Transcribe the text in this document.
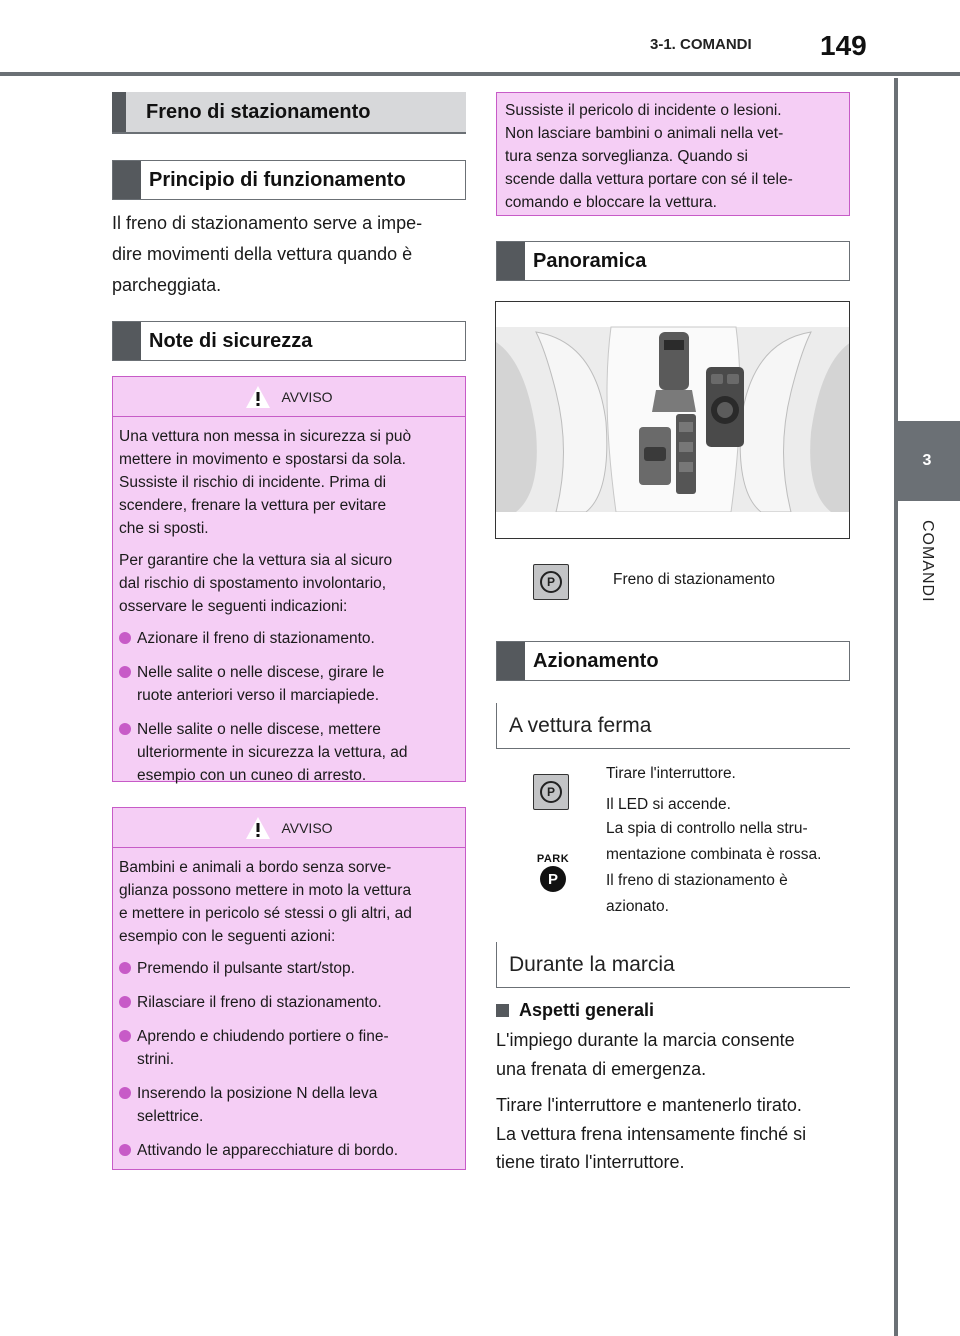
3-1. COMANDI 149
3
COMANDI
Freno di stazionamento
Principio di funzionamento
Il freno di stazionamento serve a impe-
dire movimenti della vettura quando è
parcheggiata.
Note di sicurezza
AVVISO

Una vettura non messa in sicurezza si può
mettere in movimento e spostarsi da sola.
Sussiste il rischio di incidente. Prima di
scendere, frenare la vettura per evitare
che si sposti.

Per garantire che la vettura sia al sicuro
dal rischio di spostamento involontario,
osservare le seguenti indicazioni:

Azionare il freno di stazionamento.
Nelle salite o nelle discese, girare le
ruote anteriori verso il marciapiede.
Nelle salite o nelle discese, mettere
ulteriormente in sicurezza la vettura, ad
esempio con un cuneo di arresto.
AVVISO

Bambini e animali a bordo senza sorve-
glianza possono mettere in moto la vettura
e mettere in pericolo sé stessi o gli altri, ad
esempio con le seguenti azioni:

Premendo il pulsante start/stop.
Rilasciare il freno di stazionamento.
Aprendo e chiudendo portiere o fine-
strini.
Inserendo la posizione N della leva
selettrice.
Attivando le apparecchiature di bordo.
Sussiste il pericolo di incidente o lesioni.
Non lasciare bambini o animali nella vet-
tura senza sorveglianza. Quando si
scende dalla vettura portare con sé il tele-
comando e bloccare la vettura.
Panoramica
P	Freno di stazionamento
Azionamento
A vettura ferma
P
Tirare l'interruttore.
Il LED si accende.
PARK
P
La spia di controllo nella stru-
mentazione combinata è rossa.
Il freno di stazionamento è
azionato.
Durante la marcia
Aspetti generali
L'impiego durante la marcia consente
una frenata di emergenza.
Tirare l'interruttore e mantenerlo tirato.
La vettura frena intensamente finché si
tiene tirato l'interruttore.
